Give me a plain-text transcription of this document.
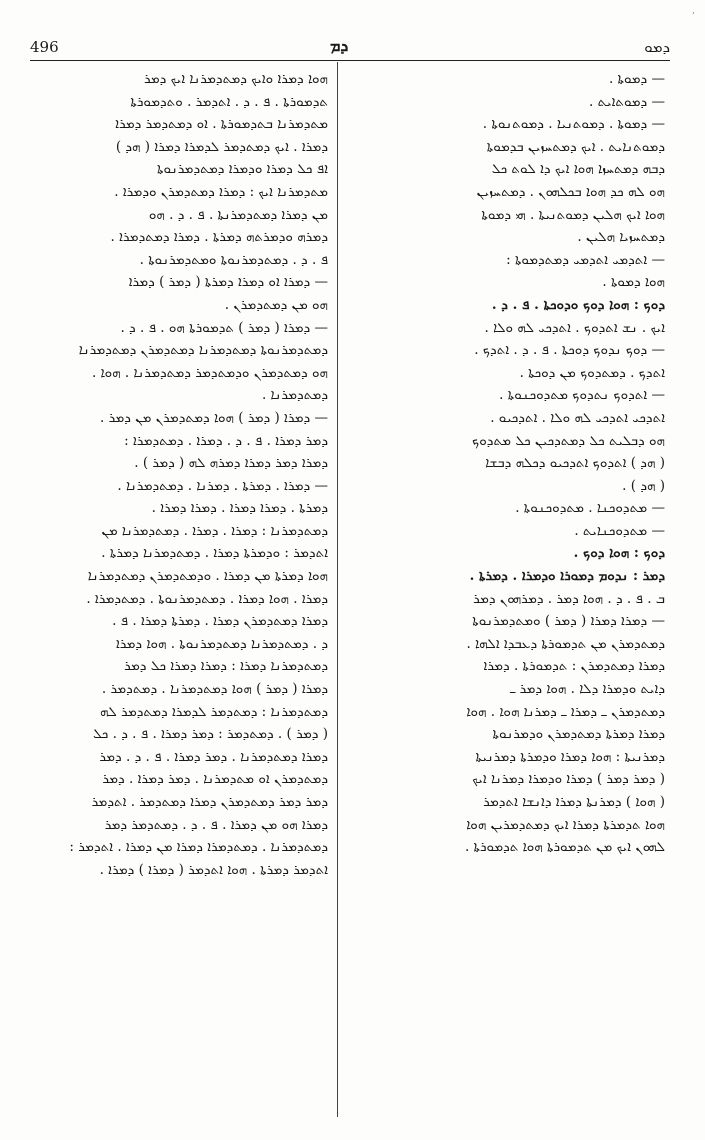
,
496	ܕܡ	ܕܡܘ
ܗܘܐ ܕܡܪܐ ܘܐܝܟ ܕܡܬܕܡܪܢܐ ܐܝܟ ܕܡܪ
ܬܕܡܘܪܬܐ . ܦ . ܕ . ܐܬܕܡܪ . ܘܬܕܡܘܪܬܐ
ܡܬܕܡܪܢܐ ܒܬܕܡܘܪܬܐ . ܐܘ ܕܡܬܕܡܪ ܕܡܪܐ
ܕܡܪܐ . ܐܝܟ ܕܡܬܕܡܪ ܠܕܡܪܐ ܕܡܪܐ ( ܗܕ )
ܐܦ ܟܠ ܕܡܪܐ ܘܕܡܪܐ ܕܡܬܕܡܪܢܘܬܐ
ܡܬܕܡܪܢܐ ܐܝܟ : ܕܡܪܐ ܕܡܬܕܡܪܢ ܘܕܡܪܐ .
ܡܢ ܕܡܪܐ ܕܡܬܕܡܪܢܬܐ . ܦ . ܕ . ܗܘ
ܕܡܪܗ ܘܕܡܪܬܗ ܕܡܪܬܐ . ܕܡܪܐ ܕܡܬܕܡܪܐ .
ܦ . ܕ . ܕܡܬܕܡܪܢܘܬܐ ܘܡܬܕܡܪܢܘܬܐ .
— ܕܡܪܐ ܐܘ ܕܡܪܐ ܕܡܪܬܐ ( ܕܡܪ ) ܕܡܪܐ
ܗܘ ܡܢ ܕܡܬܕܡܪܢ .
— ܕܡܪܐ ( ܕܡܪ ) ܬܕܡܘܪܬܐ ܗܘ . ܦ . ܕ .
ܕܡܬܕܡܪܢܘܬܐ ܕܡܬܕܡܪܢܐ ܕܡܬܕܡܪܢ ܕܡܬܕܡܪܢܐ
ܗܘ ܕܡܬܕܡܪܢ ܘܕܡܬܕܡܪ ܕܡܬܕܡܪܢܐ . ܗܘܐ .
ܕܡܬܕܡܪܢܐ .
— ܕܡܪܐ ( ܕܡܪ ) ܗܘܐ ܕܡܬܕܡܪܢ ܡܢ ܕܡܪ .
ܕܡܪ ܕܡܪܐ . ܦ . ܕ . ܕܡܪܐ . ܕܡܬܕܡܪܐ :
ܕܡܪܐ ܕܡܪ ܕܡܪܐ ܕܡܪܗ ܠܗ ( ܕܡܪ ) .
— ܕܡܪܐ . ܕܡܪܬܐ . ܕܡܪܢܐ . ܕܡܬܕܡܪܢܐ .
ܕܡܪܬܐ . ܕܡܪܐ ܕܡܪܐ . ܕܡܪܐ ܕܡܪܐ .
ܕܡܬܕܡܪܢܐ : ܕܡܪܐ . ܕܡܪܐ . ܕܡܬܕܡܪܢܐ ܡܢ
ܐܬܕܡܪ : ܘܕܡܪܬܐ ܕܡܪܐ . ܕܡܬܕܡܪܢܐ ܕܡܪܬܐ .
ܗܘܐ ܕܡܪܬܐ ܡܢ ܕܡܪܐ . ܘܕܡܬܕܡܪܢ ܕܡܬܕܡܪܢܐ
ܕܡܪܐ . ܗܘܐ ܕܡܪܐ . ܕܡܬܕܡܪܢܘܬܐ . ܕܡܬܕܡܪܐ .
ܕܡܪܐ ܕܡܬܕܡܪܢ ܕܡܪܐ . ܕܡܪܬܐ ܕܡܪܐ . ܦ .
ܕ . ܕܡܬܕܡܪܢܐ ܕܡܬܕܡܪܢܘܬܐ . ܗܘܐ ܕܡܪܐ
ܕܡܬܕܡܪܢܐ ܕܡܪܐ : ܕܡܪܐ ܕܡܪܐ ܟܠ ܕܡܪ
ܕܡܪܐ ( ܕܡܪ ) ܗܘܐ ܕܡܬܕܡܪܢܐ . ܕܡܬܕܡܪ .
ܕܡܬܕܡܪܢܐ : ܕܡܬܕܡܪ ܠܕܡܪܐ ܕܡܬܕܡܪ ܠܗ
( ܕܡܪ ) . ܕܡܬܕܡܪ : ܕܡܪ ܕܡܪܐ . ܦ . ܕ . ܟܠ
ܕܡܪܐ ܕܡܬܕܡܪܢܐ . ܕܡܪ ܕܡܪܐ . ܦ . ܕ . ܕܡܪ
ܕܡܬܕܡܪܢ ܐܘ ܡܬܕܡܪܢܐ . ܕܡܪ ܕܡܪܐ . ܕܡܪ
ܕܡܪ ܕܡܪ ܕܡܬܕܡܪܢ ܕܡܪܐ ܕܡܬܕܡܪ . ܐܬܕܡܪ
ܕܡܪܐ ܗܘ ܡܢ ܕܡܪܐ . ܦ . ܕ . ܕܡܬܕܡܪ ܕܡܪ
ܕܡܬܕܡܪܢܐ . ܕܡܬܕܡܪܐ ܕܡܪܐ ܡܢ ܕܡܪܐ . ܐܬܕܡܪ :
ܐܬܕܡܪ ܕܡܪܬܐ . ܗܘܐ ܐܬܕܡܪ ( ܕܡܪܐ ) ܕܡܪܐ .
— ܕܡܘܬܐ .
— ܕܡܘܬܐܝܬ .
— ܕܡܘܬܐ . ܕܡܘܬܢܝܐ . ܕܡܘܬܢܘܬܐ .
ܕܡܘܬܢܐܝܬ . ܐܝܟ ܕܡܬܚܙܝܢ ܒܕܡܘܬܐ
ܕܒܗ ܕܡܬܚܙܐ ܗܘܐ ܐܝܟ ܕܐ ܠܘܬ ܟܠ
ܗܘ ܠܗ ܟܕ ܗܘܐ ܒܟܠܗܘܢ . ܕܡܬܚܙܝܢ
ܗܘܐ ܐܝܟ ܗܠܝܢ ܕܡܘܬܢܝܬܐ . ܗܝ ܕܡܘܬܐ
ܕܡܬܚܙܝܐ ܗܠܝܢ .
— ܐܬܕܡܝ ܐܬܕܡܝ ܕܡܬܕܡܘܬܐ :
ܗܘܐ ܕܡܘܬܐ .
ܕܘܟ : ܗܘܐ ܕܘܟ ܘܕܘܟܬܐ . ܦ . ܕ .
ܐܝܟ . ܢܫ ܐܬܕܘܟ . ܐܬܕܟܝ ܠܗ ܘܠܐ .
— ܕܘܟ ܢܕܘܟ ܕܘܟܬܐ . ܦ . ܕ . ܐܬܕܟ .
ܐܬܕܟ . ܕܡܬܕܘܟ ܡܢ ܕܘܟܬܐ .
— ܐܬܕܘܟ ܢܬܕܘܟ ܡܬܕܘܟܢܘܬܐ .
ܐܬܕܟܝ ܐܬܕܟܝ ܠܗ ܘܠܐ . ܐܬܕܟܝܘ .
ܗܘ ܕܒܠܝܬ ܟܠ ܕܡܬܕܟܝܢ ܟܠ ܡܬܕܘܟ
( ܗܕ ) ܐܬܕܘܟ ܐܬܕܟܝܘ ܕܟܠܗ ܕܒܫܐ
( ܗܕ ) .
— ܡܬܕܘܟܢܐ . ܡܬܕܘܟܢܘܬܐ .
— ܡܬܕܘܟܢܐܝܬ .
ܕܘܟ : ܗܘܐ ܕܘܟ .
ܕܡܪ : ܢܕܘܡ ܕܡܘܪܐ ܘܕܡܪܐ . ܕܡܪܬܐ .
ܒ . ܦ . ܕ . ܗܘܐ ܕܡܪ . ܕܡܪܗܘܢ ܕܡܪ
— ܕܡܪܐ ܕܡܪܐ ( ܕܡܪ ) ܘܡܬܕܡܪܢܘܬܐ
ܕܡܬܕܡܪܢ ܡܢ ܬܕܡܘܪܬܐ ܕܥܒܕܐ ܐܠܗܐ .
ܕܡܪܐ ܕܡܬܕܡܪܢ : ܬܕܡܘܪܬܐ . ܕܡܪܐ
ܕܐܝܬ ܘܕܡܪܐ ܕܠܐ . ܗܘܐ ܕܡܪ ـ
ܕܡܬܕܡܪܢ ـ ܕܡܪܐ ـ ܕܡܪܢܐ ܗܘܐ . ܗܘܐ
ܕܡܪܐ ܕܡܪܬܐ ܕܡܬܕܡܪܢ ܘܕܡܪܢܘܬܐ
ܕܡܪܢܝܬܐ : ܗܘܐ ܕܡܪܐ ܘܕܡܪܬܐ ܕܡܪܢܝܬܐ
( ܕܡܪ ܕܡܪ ) ܕܡܪܐ ܘܕܡܪܐ ܕܡܪܢܐ ܐܝܟ
( ܗܘܐ ) ܕܡܪܢܬܐ ܕܡܪܐ ܕܐܢܫܐ ܐܬܕܡܪ
ܗܘܐ ܬܕܡܪܬܐ ܕܡܪܐ ܐܝܟ ܕܡܬܕܡܪܝܢ ܗܘܐ
ܠܗܘܢ ܐܝܟ ܡܢ ܬܕܡܘܪܬܐ ܗܘܐ ܬܕܡܘܪܬܐ .
